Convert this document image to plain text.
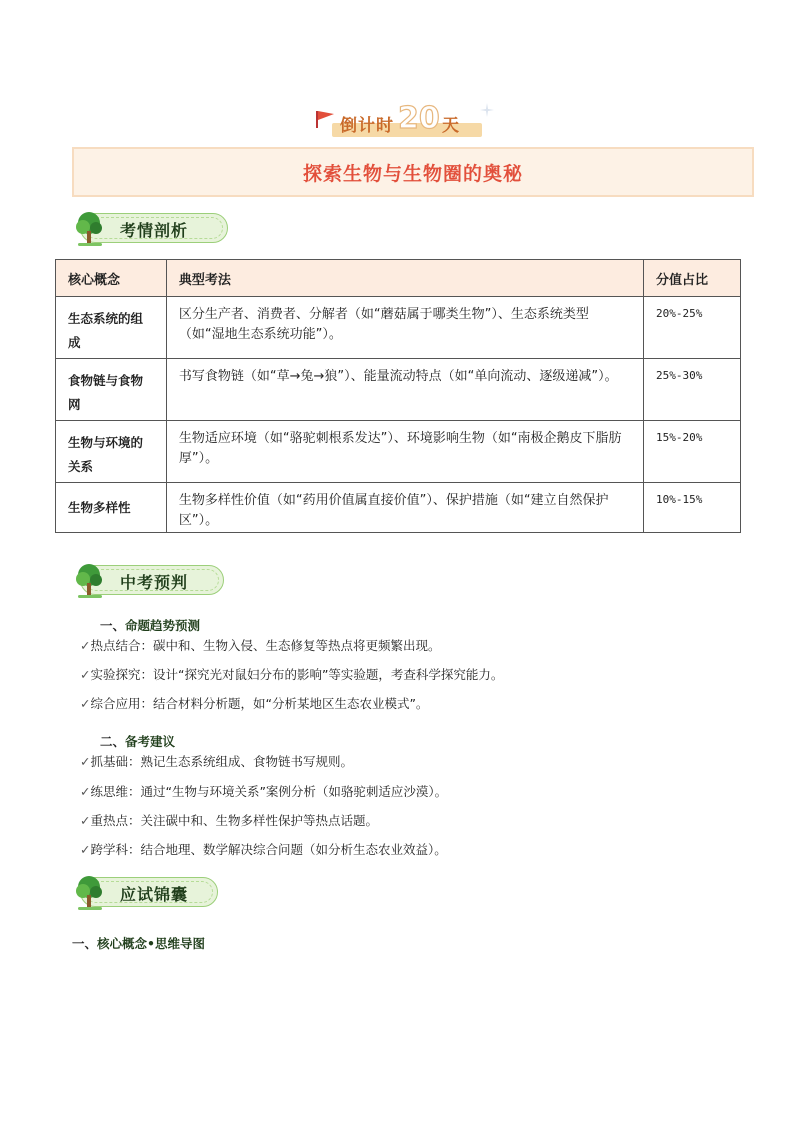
倒计时 20 天
探索生物与生物圈的奥秘
考情剖析
核心概念	典型考法	分值占比
生态系统的组
成	区分生产者、消费者、分解者（如“蘑菇属于哪类生物”）、生态系统类型（如“湿地生态系统功能”）。	20%-25%
食物链与食物
网	书写食物链（如“草→兔→狼”）、能量流动特点（如“单向流动、逐级递减”）。	25%-30%
生物与环境的
关系	生物适应环境（如“骆驼刺根系发达”）、环境影响生物（如“南极企鹅皮下脂肪厚”）。	15%-20%
生物多样性	生物多样性价值（如“药用价值属直接价值”）、保护措施（如“建立自然保护区”）。	10%-15%
中考预判
一、命题趋势预测
✓热点结合：碳中和、生物入侵、生态修复等热点将更频繁出现。
✓实验探究：设计“探究光对鼠妇分布的影响”等实验题，考查科学探究能力。
✓综合应用：结合材料分析题，如“分析某地区生态农业模式”。
二、备考建议
✓抓基础：熟记生态系统组成、食物链书写规则。
✓练思维：通过“生物与环境关系”案例分析（如骆驼刺适应沙漠）。
✓重热点：关注碳中和、生物多样性保护等热点话题。
✓跨学科：结合地理、数学解决综合问题（如分析生态农业效益）。
应试锦囊
一、核心概念•思维导图
